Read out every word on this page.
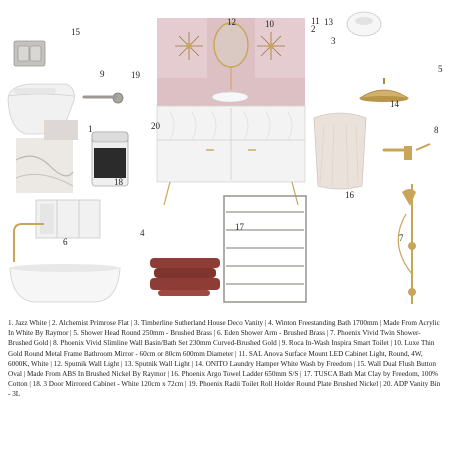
1
2
3
4
5
6	7
8
9
10	11
12	13
14
15
16
17
18
19
20
1. Jazz White | 2. Alchemist Primrose Flat | 3. Timberline Sutherland House Deco Vanity | 4. Winton Freestanding Bath 1700mm | Made From Acrylic In White By Raymor | 5. Shower Head Round 250mm - Brushed Brass | 6. Eden Shower Arm - Brushed Brass | 7. Phoenix Vivid Twin Shower-Brushed Gold | 8. Phoenix Vivid Slimline Wall Basin/Bath Set 230mm Curved-Brushed Gold | 9. Roca In-Wash Inspira Smart Toilet | 10. Luxe Thin Gold Round Metal Frame Bathroom Mirror - 60cm or 80cm 600mm Diameter | 11. SAL Anova Surface Mount LED Cabinet Light, Round, 4W, 6000K, White | 12. Sputnik Wall Light | 13. Sputnik Wall Light | 14. ONITO Laundry Hamper White Wash by Freedom | 15. Wall Dual Flush Button Oval | Made From ABS In Brushed Nickel By Raymor | 16. Phoenix Argo Towel Ladder 650mm S/S | 17. TUSCA Bath Mat Clay by Freedom, 100% Cotton | 18. 3 Door Mirrored Cabinet - White 120cm x 72cm | 19. Phoenix Radii Toilet Roll Holder Round Plate Brushed Nickel | 20. ADP Vanity Bin - 3L
